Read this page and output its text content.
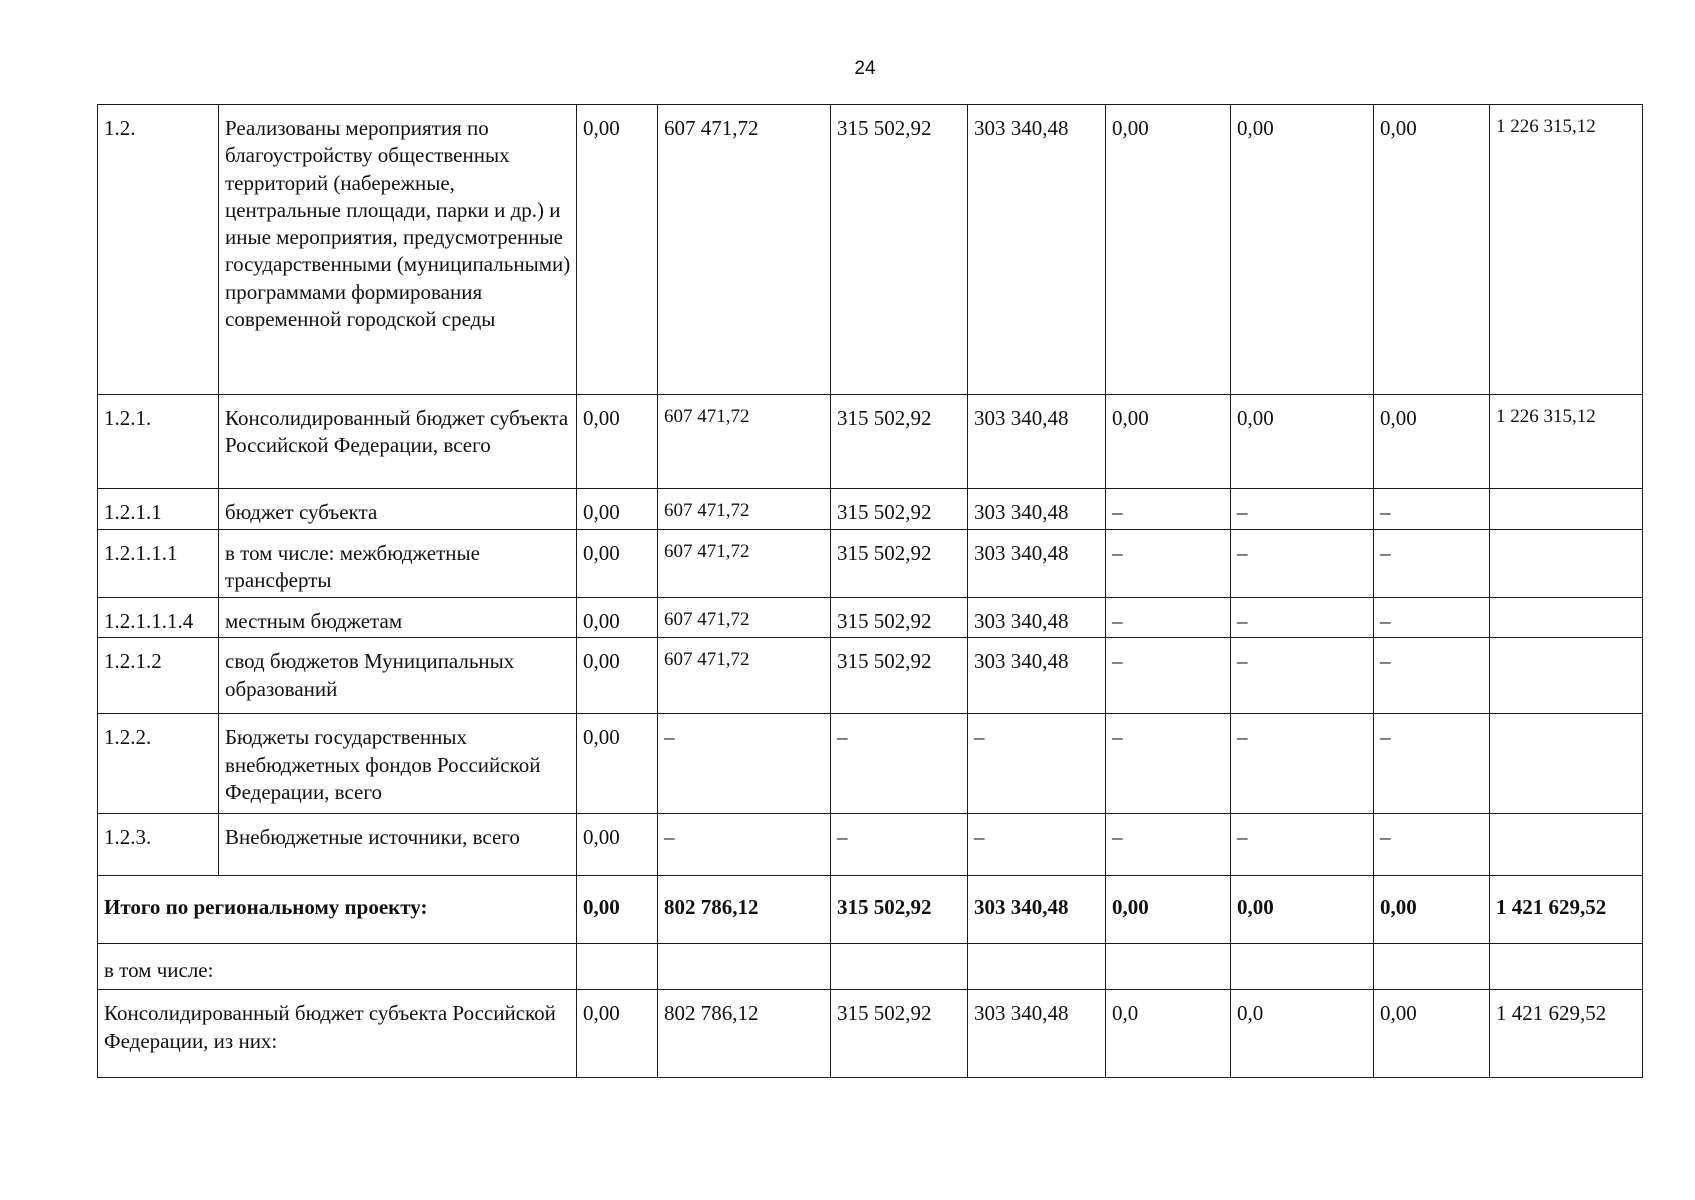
24
1.2.	Реализованы мероприятия по благоустройству общественных территорий (набережные, центральные площади, парки и др.) и иные мероприятия, предусмотренные государственными (муниципальными) программами формирования современной городской среды	0,00	607 471,72	315 502,92	303 340,48	0,00	0,00	0,00	1 226 315,12
1.2.1.	Консолидированный бюджет субъекта Российской Федерации, всего	0,00	607 471,72	315 502,92	303 340,48	0,00	0,00	0,00	1 226 315,12
1.2.1.1	бюджет субъекта	0,00	607 471,72	315 502,92	303 340,48	–	–	–	
1.2.1.1.1	в том числе: межбюджетные трансферты	0,00	607 471,72	315 502,92	303 340,48	–	–	–	
1.2.1.1.1.4	местным бюджетам	0,00	607 471,72	315 502,92	303 340,48	–	–	–	
1.2.1.2	свод бюджетов Муниципальных образований	0,00	607 471,72	315 502,92	303 340,48	–	–	–	
1.2.2.	Бюджеты государственных внебюджетных фондов Российской Федерации, всего	0,00	–	–	–	–	–	–	
1.2.3.	Внебюджетные источники, всего	0,00	–	–	–	–	–	–	
Итого по региональному проекту:		0,00	802 786,12	315 502,92	303 340,48	0,00	0,00	0,00	1 421 629,52
в том числе:									
Консолидированный бюджет субъекта Российской Федерации, из них:		0,00	802 786,12	315 502,92	303 340,48	0,0	0,0	0,00	1 421 629,52
